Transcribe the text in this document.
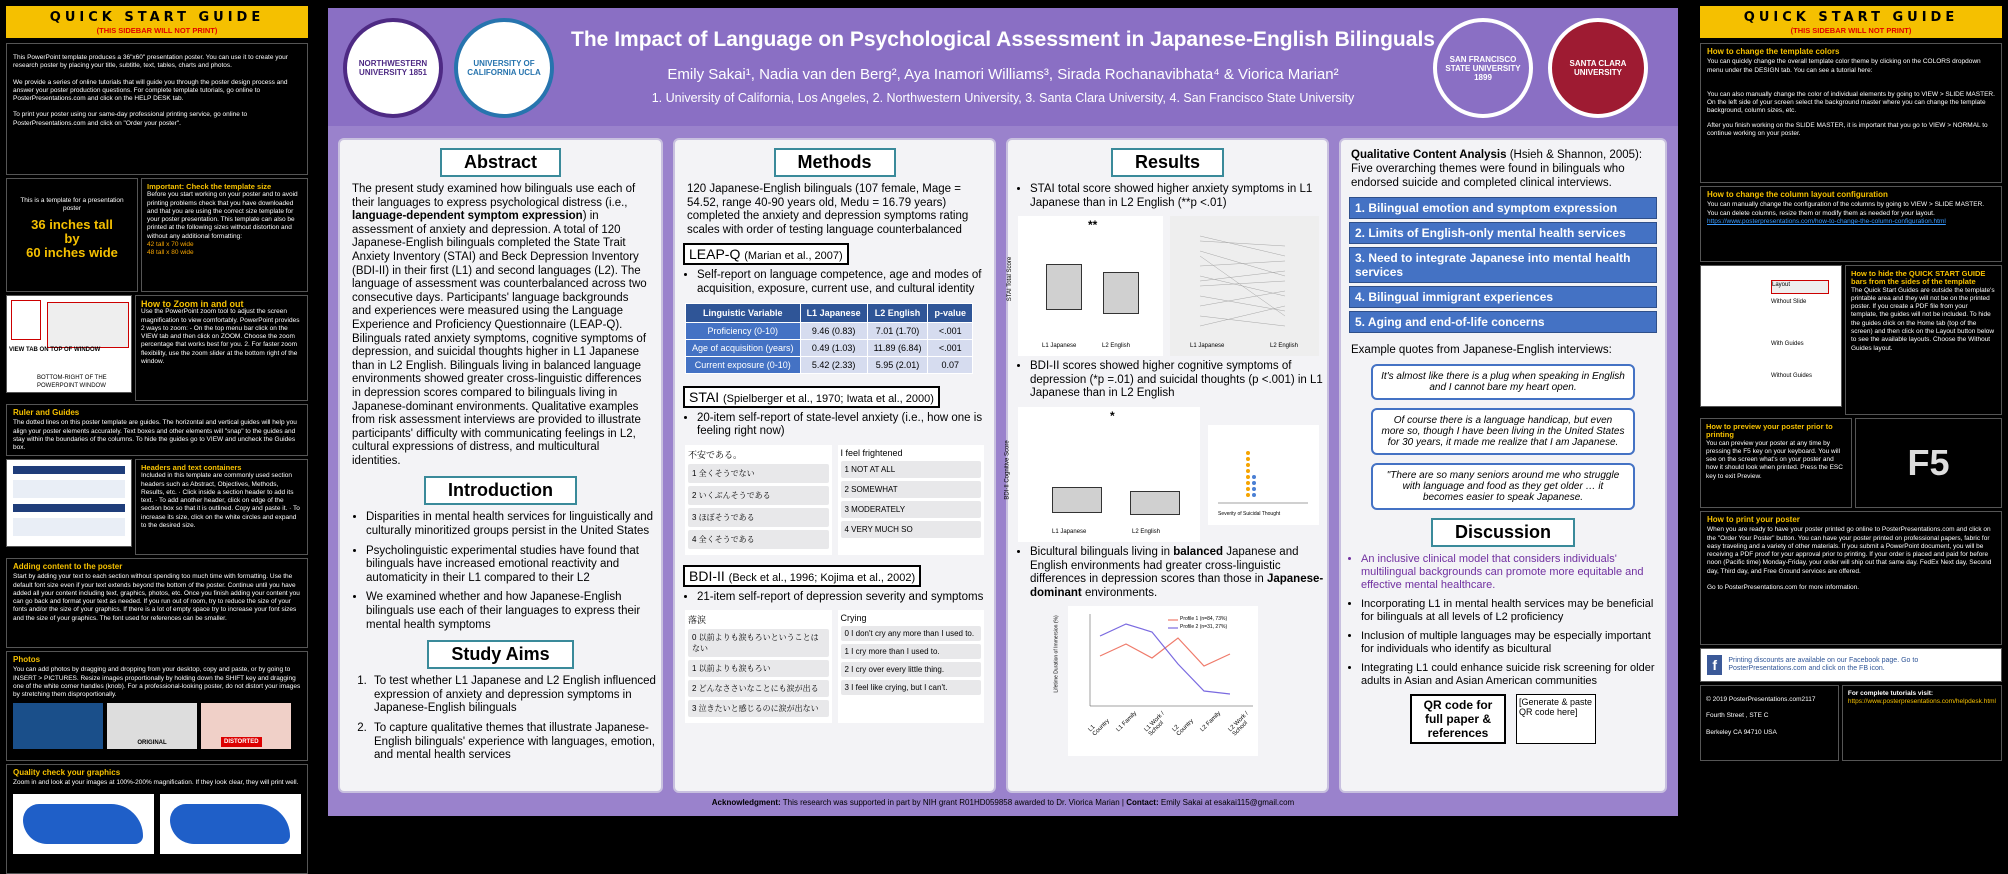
QUICK START GUIDE
(THIS SIDEBAR WILL NOT PRINT)
This PowerPoint template produces a 36"x60" presentation poster. You can use it to create your research poster by placing your title, subtitle, text, tables, charts and photos.
We provide a series of online tutorials that will guide you through the poster design process and answer your poster production questions. For complete template tutorials, go online to PosterPresentations.com and click on the HELP DESK tab.
To print your poster using our same-day professional printing service, go online to PosterPresentations.com and click on "Order your poster".
This is a template for a presentation poster
36 inches tall
by
60 inches wide
Important: Check the template size
Before you start working on your poster and to avoid printing problems check that you have downloaded and that you are using the correct size template for your poster presentation. This template can also be printed at the following sizes without distortion and without any additional formatting:
42 tall x 70 wide
48 tall x 80 wide
VIEW TAB ON TOP OF WINDOW
BOTTOM-RIGHT OF THE POWERPOINT WINDOW
How to Zoom in and out
Use the PowerPoint zoom tool to adjust the screen magnification to view comfortably. PowerPoint provides 2 ways to zoom: - On the top menu bar click on the VIEW tab and then click on ZOOM. Choose the zoom percentage that works best for you. 2. For faster zoom flexibility, use the zoom slider at the bottom right of the window.
Ruler and Guides
The dotted lines on this poster template are guides. The horizontal and vertical guides will help you align your poster elements accurately. Text boxes and other elements will "snap" to the guides and stay within the boundaries of the columns. To hide the guides go to VIEW and uncheck the Guides box.
Headers and text containers
Included in this template are commonly used section headers such as Abstract, Objectives, Methods, Results, etc. · Click inside a section header to add its text. · To add another header, click on edge of the section box so that it is outlined. Copy and paste it. · To increase its size, click on the white circles and expand to the desired size.
Adding content to the poster
Start by adding your text to each section without spending too much time with formatting. Use the default font size even if your text extends beyond the bottom of the poster. Continue until you have added all your content including text, graphics, photos, etc. Once you finish adding your content you can go back and format your text as needed. If you run out of room, try to reduce the size of your fonts and/or the size of your graphics. If there is a lot of empty space try to increase your font sizes and the size of your graphics. The font used for references can be smaller.
Photos
You can add photos by dragging and dropping from your desktop, copy and paste, or by going to INSERT > PICTURES. Resize images proportionally by holding down the SHIFT key and dragging one of the white corner handles (knob). For a professional-looking poster, do not distort your images by stretching them disproportionally.
ORIGINAL	DISTORTED
Quality check your graphics
Zoom in and look at your images at 100%-200% magnification. If they look clear, they will print well.
NORTHWESTERN UNIVERSITY 1851
UNIVERSITY OF CALIFORNIA UCLA
The Impact of Language on Psychological Assessment in Japanese-English Bilinguals
Emily Sakai¹, Nadia van den Berg², Aya Inamori Williams³, Sirada Rochanavibhata⁴ & Viorica Marian²
1. University of California, Los Angeles, 2. Northwestern University, 3. Santa Clara University, 4. San Francisco State University
SAN FRANCISCO STATE UNIVERSITY 1899
SANTA CLARA UNIVERSITY
Abstract
The present study examined how bilinguals use each of their languages to express psychological distress (i.e., language-dependent symptom expression) in assessment of anxiety and depression. A total of 120 Japanese-English bilinguals completed the State Trait Anxiety Inventory (STAI) and Beck Depression Inventory (BDI-II) in their first (L1) and second languages (L2). The language of assessment was counterbalanced across two consecutive days. Participants' language backgrounds and experiences were measured using the Language Experience and Proficiency Questionnaire (LEAP-Q). Bilinguals rated anxiety symptoms, cognitive symptoms of depression, and suicidal thoughts higher in L1 Japanese than in L2 English. Bilinguals living in balanced language environments showed greater cross-linguistic differences in depression scores compared to bilinguals living in Japanese-dominant environments. Qualitative examples from risk assessment interviews are provided to illustrate participants' difficulty with communicating feelings in L2, cultural expressions of distress, and multicultural identities.
Introduction
• Disparities in mental health services for linguistically and culturally minoritized groups persist in the United States
• Psycholinguistic experimental studies have found that bilinguals have increased emotional reactivity and automaticity in their L1 compared to their L2
• We examined whether and how Japanese-English bilinguals use each of their languages to express their mental health symptoms
Study Aims
1. To test whether L1 Japanese and L2 English influenced expression of anxiety and depression symptoms in Japanese-English bilinguals
2. To capture qualitative themes that illustrate Japanese-English bilinguals' experience with languages, emotion, and mental health services
Methods
120 Japanese-English bilinguals (107 female, Mage = 54.52, range 40-90 years old, Medu = 16.79 years) completed the anxiety and depression symptoms rating scales with order of testing language counterbalanced
LEAP-Q (Marian et al., 2007)
• Self-report on language competence, age and modes of acquisition, exposure, current use, and cultural identity
Linguistic Variable	L1 Japanese	L2 English	p-value
Proficiency (0-10)	9.46 (0.83)	7.01 (1.70)	<.001
Age of acquisition (years)	0.49 (1.03)	11.89 (6.84)	<.001
Current exposure (0-10)	5.42 (2.33)	5.95 (2.01)	0.07
STAI (Spielberger et al., 1970; Iwata et al., 2000)
• 20-item self-report of state-level anxiety (i.e., how one is feeling right now)
不安である。
1 全くそうでない
2 いくぶんそうである
3 ほぼそうである
4 全くそうである
I feel frightened
1 NOT AT ALL
2 SOMEWHAT
3 MODERATELY
4 VERY MUCH SO
BDI-II (Beck et al., 1996; Kojima et al., 2002)
• 21-item self-report of depression severity and symptoms
落涙
0 以前よりも涙もろいということはない
1 以前よりも涙もろい
2 どんなささいなことにも涙が出る
3 泣きたいと感じるのに涙が出ない
Crying
0 I don't cry any more than I used to.
1 I cry more than I used to.
2 I cry over every little thing.
3 I feel like crying, but I can't.
Results
• STAI total score showed higher anxiety symptoms in L1 Japanese than in L2 English (**p <.01)
STAI Total Score
**
L1 Japanese	L2 English	L1 Japanese	L2 English
• BDI-II scores showed higher cognitive symptoms of depression (*p =.01) and suicidal thoughts (p <.001) in L1 Japanese than in L2 English
BDI-II Cognitive Score
*
L1 Japanese	L2 English
Severity of Suicidal Thought
• Bicultural bilinguals living in balanced Japanese and English environments had greater cross-linguistic differences in depression scores than those in Japanese-dominant environments.
Profile 1 (n=84, 73%)
Profile 2 (n=31, 27%)
Lifetime Duration of Immersion (%)
L1 Country L1 Family L1 Work / School	L2 Country L2 Family L2 Work / School
Qualitative Content Analysis (Hsieh & Shannon, 2005): Five overarching themes were found in bilinguals who endorsed suicide and completed clinical interviews.
1. Bilingual emotion and symptom expression
2. Limits of English-only mental health services
3. Need to integrate Japanese into mental health services
4. Bilingual immigrant experiences
5. Aging and end-of-life concerns
Example quotes from Japanese-English interviews:
It's almost like there is a plug when speaking in English and I cannot bare my heart open.
Of course there is a language handicap, but even more so, though I have been living in the United States for 30 years, it made me realize that I am Japanese.
"There are so many seniors around me who struggle with language and food as they get older … it becomes easier to speak Japanese.
Discussion
• An inclusive clinical model that considers individuals' multilingual backgrounds can promote more equitable and effective mental healthcare.
• Incorporating L1 in mental health services may be beneficial for bilinguals at all levels of L2 proficiency
• Inclusion of multiple languages may be especially important for individuals who identify as bicultural
• Integrating L1 could enhance suicide risk screening for older adults in Asian and Asian American communities
QR code for full paper & references
[Generate & paste QR code here]
Acknowledgment: This research was supported in part by NIH grant R01HD059858 awarded to Dr. Viorica Marian | Contact: Emily Sakai at esakai115@gmail.com
QUICK START GUIDE
(THIS SIDEBAR WILL NOT PRINT)
How to change the template colors
You can quickly change the overall template color theme by clicking on the COLORS dropdown menu under the DESIGN tab. You can see a tutorial here:
You can also manually change the color of individual elements by going to VIEW > SLIDE MASTER. On the left side of your screen select the background master where you can change the template background, column sizes, etc.
After you finish working on the SLIDE MASTER, it is important that you go to VIEW > NORMAL to continue working on your poster.
How to change the column layout configuration
You can manually change the configuration of the columns by going to VIEW > SLIDE MASTER. You can delete columns, resize them or modify them as needed for your layout.
https://www.posterpresentations.com/how-to-change-the-column-configuration.html
Layout
Without Slide
With Guides
Without Guides
How to hide the QUICK START GUIDE bars from the sides of the template
The Quick Start Guides are outside the template's printable area and they will not be on the printed poster. If you create a PDF file from your template, the guides will not be included. To hide the guides click on the Home tab (top of the screen) and then click on the Layout button below to see the available layouts. Choose the Without Guides layout.
How to preview your poster prior to printing
You can preview your poster at any time by pressing the F5 key on your keyboard. You will see on the screen what's on your poster and how it should look when printed. Press the ESC key to exit Preview.	F5
How to print your poster
When you are ready to have your poster printed go online to PosterPresentations.com and click on the "Order Your Poster" button. You can have your poster printed on professional papers, fabric for easy traveling and a variety of other materials. If you submit a PowerPoint document, you will be receiving a PDF proof for your approval prior to printing. If your order is placed and paid for before noon (Pacific time) Monday-Friday, your order will ship out that same day. FedEx Next day, Second day, Third day, and Free Ground services are offered.
Go to PosterPresentations.com for more information.
f	Printing discounts are available on our Facebook page. Go to PosterPresentations.com and click on the FB icon.
© 2019 PosterPresentations.com2117
Fourth Street , STE C
Berkeley CA 94710 USA
For complete tutorials visit:
https://www.posterpresentations.com/helpdesk.html
